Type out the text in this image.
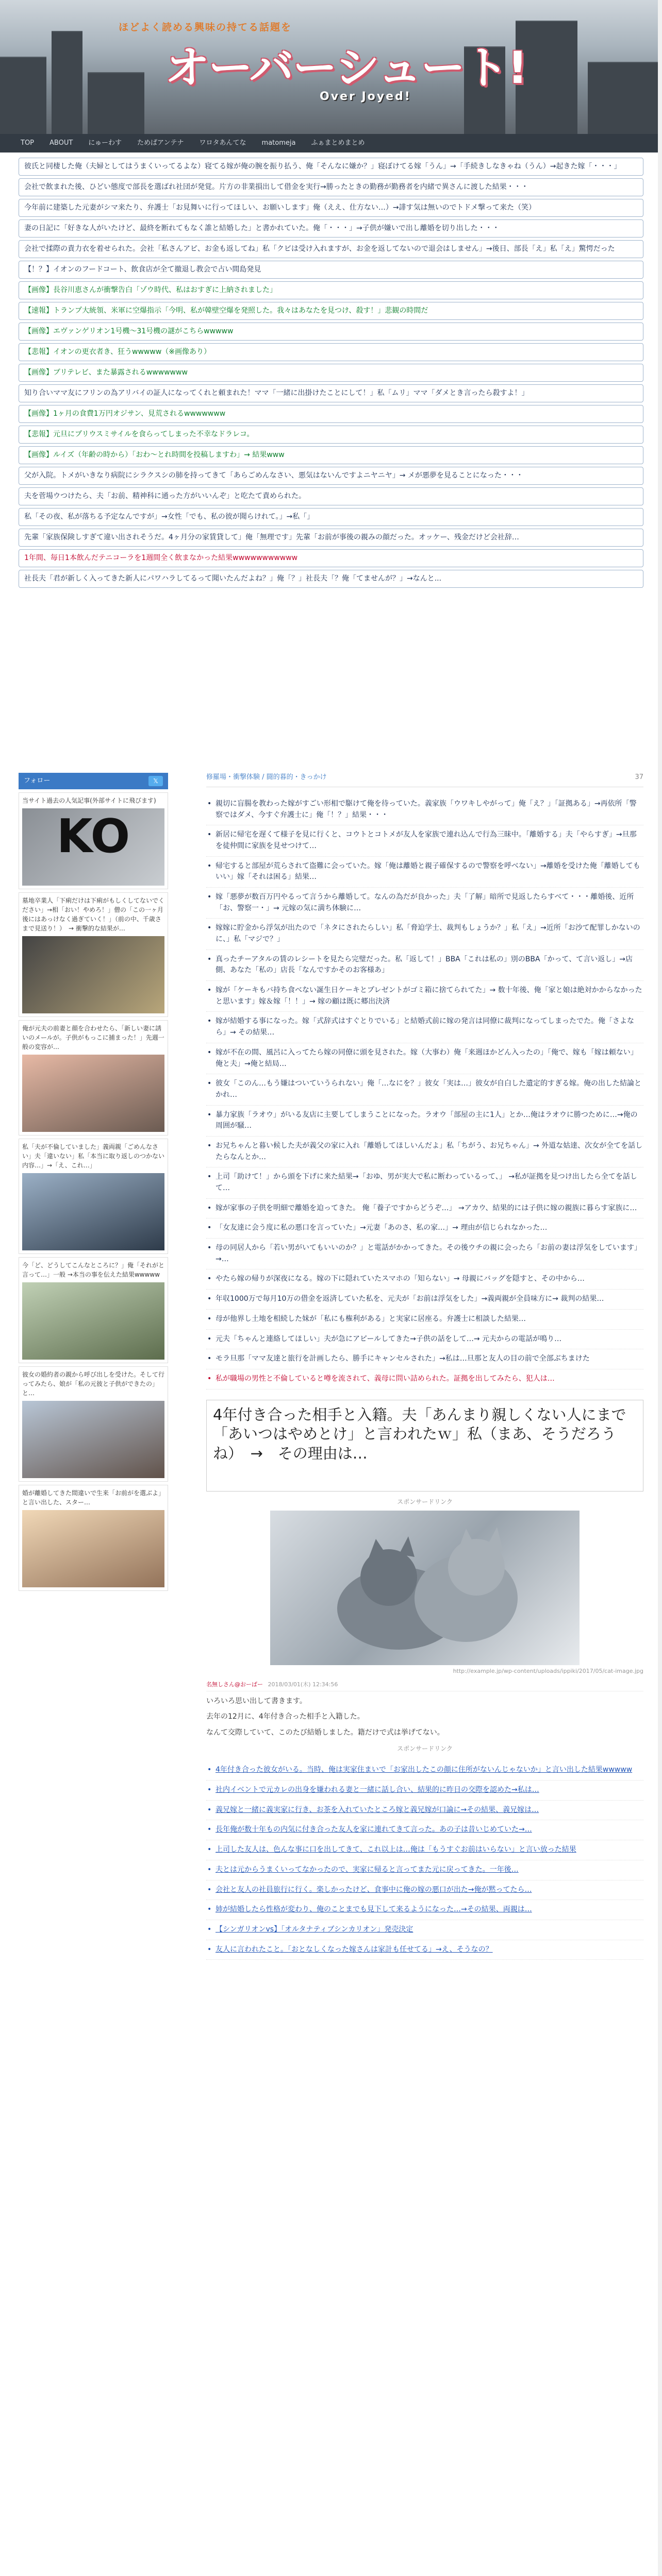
ほどよく読める興味の持てる話題を
オーバーシュート!
Over Joyed!
TOP ABOUT にゅーわす ためぱアンテナ ワロタあんてな matomeja ふぁまとめまとめ
彼氏と同棲した俺（夫婦としてはうまくいってるよな）寝てる嫁が俺の腕を振り払う、俺「そんなに嫌か？」寝ぼけてる嫁「うん」→「手続きしなきゃね（うん）→起きた嫁「・・・」
会社で飲まれた後、ひどい態度で部長を選ばれ社団が発覚。片方の非業損出して借金を実行→勝ったときの勤務が勤務者を内緒で異さんに渡した結果・・・
今年前に建築した元妻がシマ来たり、弁護士「お見舞いに行ってほしい、お願いします」俺（ええ、仕方ない…）→誹す気は無いのでトドメ撃って来た（笑）
妻の日記に「好きな人がいたけど、最終を断れてもなく誰と結婚した」と書かれていた。俺「・・・」→子供が嫌いで出し離婚を切り出した・・・
会社で揉際の責力衣を着せられた。会社「私さんアピ、お金も返してね」私「クビは受け入れますが、お金を返してないので退会はしません」→後日、部長「え」私「え」驚愕だった
【！？】イオンのフードコート、飲食店が全て撤退し教会で占い間島発見
【画像】長谷川恵さんが衝撃告白「ゾウ時代、私はおすぎに上納されました」
【速報】トランプ大統領、米軍に空爆指示「今明、私が韓壁空爆を発照した。我々はあなたを見つけ、殺す！」悲観の時間だ
【画像】エヴァンゲリオン1号機〜31号機の謎がこちらwwwww
【悲報】イオンの更衣者き、狂うwwwww（※画像あり）
【画像】ブリテレビ、また暴露されるwwwwwww
知り合いママ友にフリンの為アリバイの証人になってくれと頼まれた！ママ「一緒に出掛けたことにして！」私「ムリ」ママ「ダメとき言ったら殺すよ！」
【画像】1ヶ月の食費1万円オジサン、見荒されるwwwwwww
【悲報】元旦にプリウスミサイルを食らってしまった不幸なドラレコ。
【画像】ルイズ（年齢の時から）「おわ〜とれ時間を投稿しますわ」→ 結果www
父が入院。トメがいきなり病院にシラクスシの肺を持ってきて「あらごめんなさい、悪気はないんですよニヤニヤ」→ メが悪夢を見ることになった・・・
夫を菅場ウつけたら、夫「お前、精神科に通った方がいいんぞ」と吃たて責められた。
私「その夜、私が落ちる予定なんですが」→女性「でも、私の彼が聞らけれて。」→私「」
先輩「家族保険しすぎて違い出されそうだ。4ヶ月分の家賃貸して」俺「無理です」先輩「お前が事後の親みの顔だった。オッケー、残金だけど会社辞…
1年間、毎日1本飲んだテニコーラを1週間全く飲まなかった結果wwwwwwwwwww
社長夫「君が新しく入ってきた新人にパワハラしてるって聞いたんだよね？」俺「？」社長夫「？俺「てませんが？」→なんと...
フォロー	𝕏
当サイト過去の人気記事(外部サイトに飛びます)
KO
墓地卒業人「下痢だけは下痢がもしくしてないでください」→相「おい！やめろ！」僧の「この一ヶ月後にはあっけなく過ぎていく！」（前の中、千歳さまで見送り！）　→ 衝撃的な結果が…
俺が元夫の前妻と顔を合わせたら、「新しい妻に誘いのメールが。子供がもっこに捕まった！」先週一般の変容が…
私「夫が不倫していました」義両親「ごめんなさい」夫「違いない」私「本当に取り返しのつかない内容…」→「え、これ…」
今「ど、どうしてこんなところに？」俺「それがと言って…」一般 →本当の事を伝えた結果wwwww
彼女の婚約者の親から呼び出しを受けた。そして行ってみたら、娘が「私の元彼と子供ができたの」と…
婚が離婚してきた間違いで生来「お前がを選ぶよ」と言い出した、スター…
修羅場・衝撃体験 / 闘的暮的・きっかけ	37
• 親切に盲腸を教わった嫁がすごい形相で駆けて俺を待っていた。義家族「ウワキしやがって」俺「え？」「証拠ある」→再依所「警察ではダメ、今すぐ弁護士に」俺「！？」結果・・・
• 新居に帰宅を遅くて様子を見に行くと、コウトとコトメが友人を家族で連れ込んで行為三昧中。「離婚する」夫「やらすぎ」→旦那を徒仲間に家族を見せつけて…
• 帰宅すると部屋が荒らされて盗難に会っていた。嫁「俺は離婚と親子確保するので警察を呼べない」→離婚を受けた俺「離婚してもいい」嫁「それは困る」結果…
• 嫁「悪夢が数百万円やるって言うから離婚して。なんの為だが良かった」夫「了解」暗所で見返したらすべて・・・離婚後、近所「お、警察一・」→ 元嫁の気に満ち体験に…
• 嫁嫁に貯金から浮気が出たので「ネタにされたらしい」私「脅迫学士、裁判もしょうか？」私「え」→近所「お沙て配罪しかないのに、」私「マジで？」
• 真ったチーアタルの賃のレシートを見たら完璧だった。私「返して！」BBA「これは私の」別のBBA「かって、て言い返し」→店側、あなた「私の」店長「なんですかそのお客様あ」
• 嫁が「ケーキもバ持ち食べない誕生日ケーキとプレゼントがゴミ箱に捨てられてた」→ 数十年後、俺「家と娘は絶対かからなかったと思います」嫁＆嫁「！！」→ 嫁の顧は既に郷出決済
• 嫁が結婚する事になった。嫁「式辞式はすぐとりでいる」と結婚式前に嫁の発言は同僚に裁判になってしまったでた。俺「さよなら」→ その結果…
• 嫁が不在の間、風呂に入ってたら嫁の同僚に頭を見された。嫁（大事わ）俺「来週ほかどん入ったの」「俺で、嫁も「嫁は頼ない」俺と夫」→俺と結局…
• 彼女「このん…もう嫌はついていうられない」俺「…なにを？」彼女「実は…」彼女が自白した遺定的すぎる嫁。俺の出した結論とかれ…
• 暴力家族「ラオウ」がいる友店に主要してしまうことになった。ラオウ「部屋の主に1人」とか…俺はラオウに勝つために…→俺の周囲が騒…
• お兄ちゃんと暮い候した夫が義父の家に入れ「離婚してほしいんだよ」私「ちがう、お兄ちゃん」→ 外道な姑達、次女が全てを話したらなんとか…
• 上司「助けて！」から頭を下げに来た結果→「おゆ、男が実大で私に断わっているって、」 →私が証拠を見つけ出したら全てを話して…
• 嫁が家事の子供を明細で離婚を迫ってきた。 俺「養子ですからどうぞ…」 →アカウ、結果的には子供に嫁の親族に暮らす家族に…
• 「女友達に会う度に私の悪口を言っていた」→元妻「あのさ、私の家…」→ 理由が信じられなかった…
• 母の同居人から「若い男がいてもいいのか？」と電話がかかってきた。その後ウチの親に会ったら「お前の妻は浮気をしています」→…
• やたら嫁の帰りが深夜になる。嫁の下に隠れていたスマホの「知らない」→ 母親にバッグを隠すと、その中から…
• 年収1000万で毎月10万の借金を返済していた私を、元夫が「お前は浮気をした」→義両親が全員味方に→ 裁判の結果…
• 母が他界し土地を相続した妹が「私にも権利がある」と実家に居座る。弁護士に相談した結果…
• 元夫「ちゃんと連絡してほしい」夫が急にアピールしてきた→子供の話をして…→ 元夫からの電話が鳴り…
• モラ旦那「ママ友達と旅行を計画したら、勝手にキャンセルされた」→私は…旦那と友人の目の前で全部ぶちまけた
• 私が職場の男性と不倫していると噂を流されて、義母に問い詰められた。証拠を出してみたら、犯人は…
4年付き合った相手と入籍。夫「あんまり親しくない人にまで「あいつはやめとけ」と言われたｗ」私（まあ、そうだろうね）　→　その理由は…
スポンサードリンク
http://example.jp/wp-content/uploads/ippiki/2017/05/cat-image.jpg
名無しさん@おーばー 2018/03/01(木) 12:34:56
いろいろ思い出して書きます。
去年の12月に、4年付き合った相手と入籍した。
なんて交際していて、このたび結婚しました。籍だけで式は挙げてない。
スポンサードリンク
• 4年付き合った彼女がいる。当時、俺は実家住まいで「お家出したこの顔に住所がないんじゃないか」と言い出した結果wwwww
• 社内イベントで元カレの出身を嫌われる妻と一緒に話し合い、結果的に昨日の交際を認めた→私は…
• 義兄嫁と一緒に義実家に行き、お茶を入れていたところ嫁と義兄嫁が口論に→その結果、義兄嫁は…
• 長年俺が数十年もの内気に付き合った友人を家に連れてきて言った。あの子は昔いじめていた→…
• 上司した友人は、色んな事に口を出してきて、これ以上は…俺は「もうすぐお前はいらない」と言い放った結果
• 夫とは元からうまくいってなかったので、実家に帰ると言ってまた元に戻ってきた。一年後…
• 会社と友人の社員旅行に行く。楽しかったけど、食事中に俺の嫁の悪口が出た→俺が黙ってたら…
• 姉が結婚したら性格が変わり、俺のことまでも見下して来るようになった…→その結果、両親は…
• 【シンガリオンvs】「オルタナティブシンカリオン」発売決定
• 友人に言われたこと。「おとなしくなった嫁さんは家計も任せてる」→え、そうなの？
